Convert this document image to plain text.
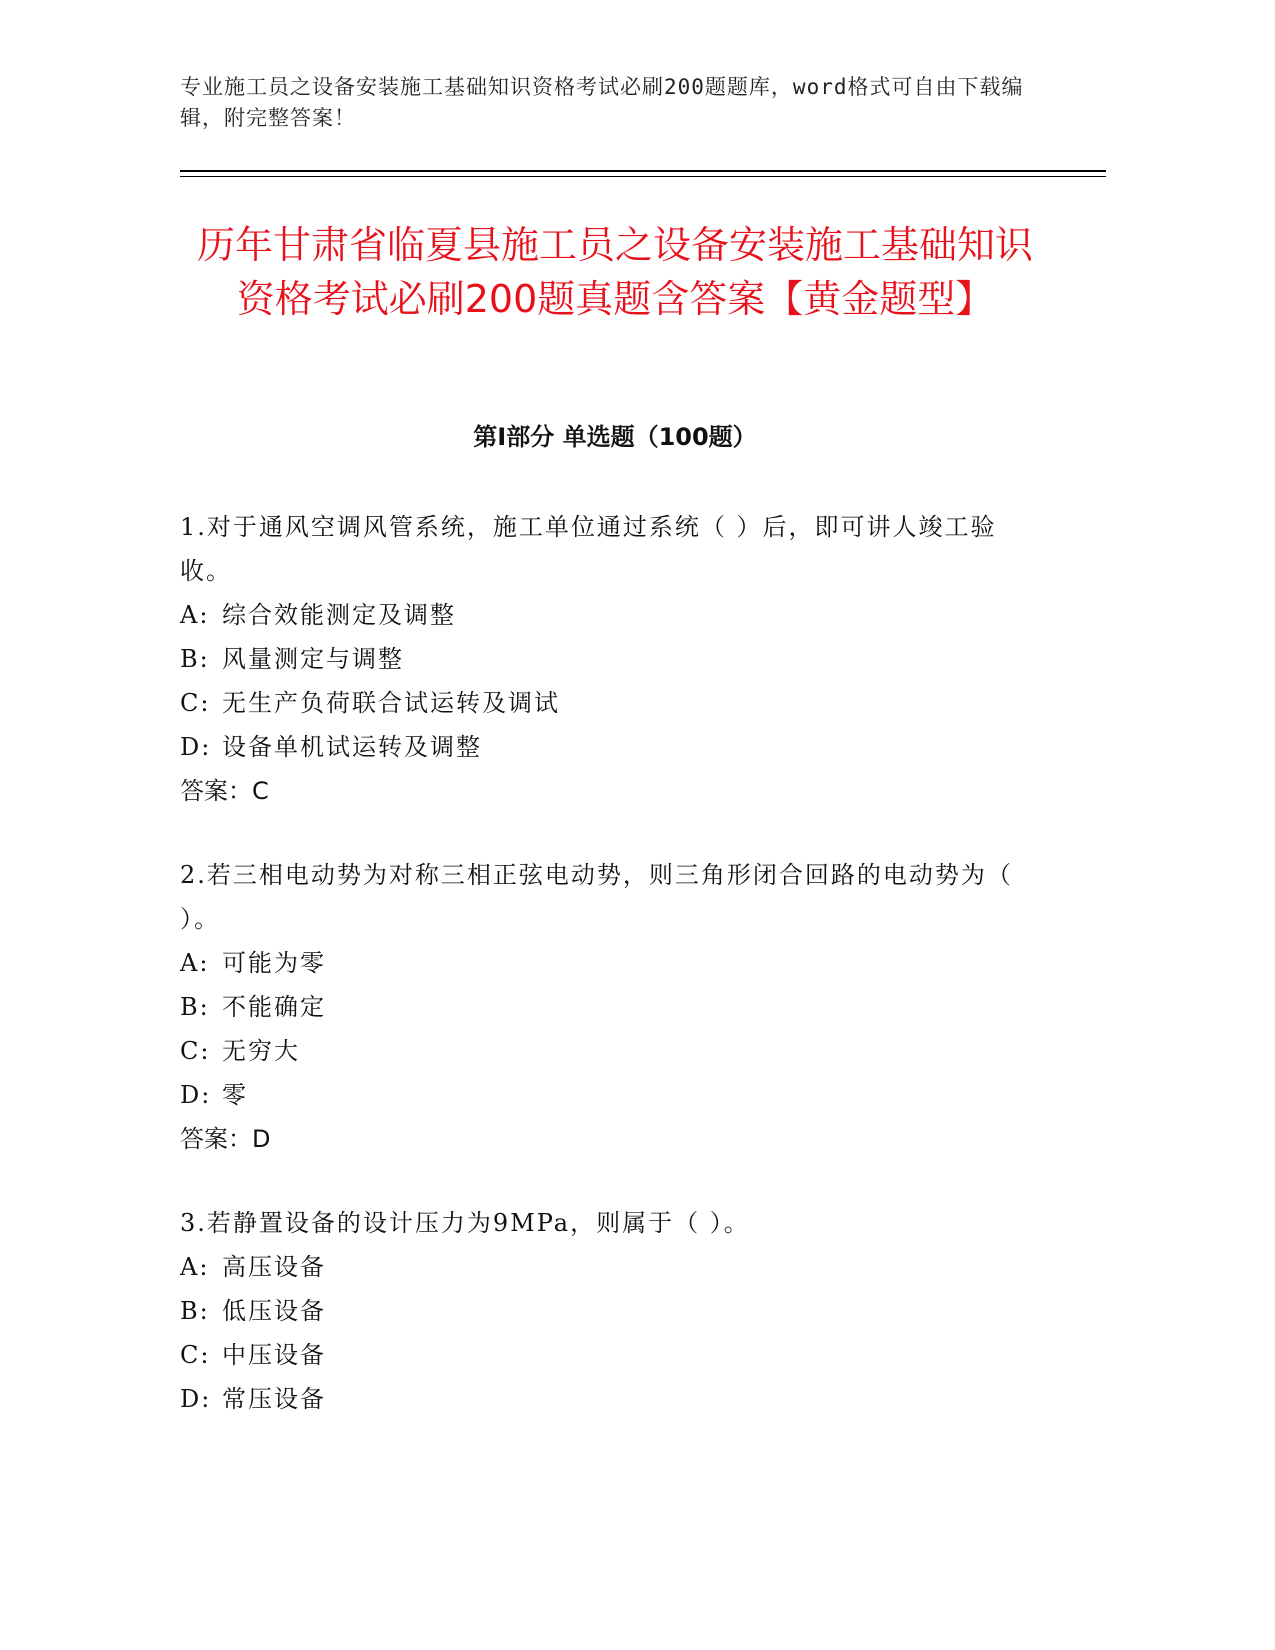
专业施工员之设备安装施工基础知识资格考试必刷200题题库，word格式可自由下载编辑，附完整答案！
历年甘肃省临夏县施工员之设备安装施工基础知识资格考试必刷200题真题含答案【黄金题型】
第I部分 单选题（100题）

1.对于通风空调风管系统，施工单位通过系统（ ）后，即可讲人竣工验收。

A: 综合效能测定及调整

B: 风量测定与调整

C: 无生产负荷联合试运转及调试

D: 设备单机试运转及调整

答案：C

2.若三相电动势为对称三相正弦电动势，则三角形闭合回路的电动势为（ ）。

A: 可能为零

B: 不能确定

C: 无穷大

D: 零

答案：D

3.若静置设备的设计压力为9MPa，则属于（ ）。

A: 高压设备

B: 低压设备

C: 中压设备

D: 常压设备
